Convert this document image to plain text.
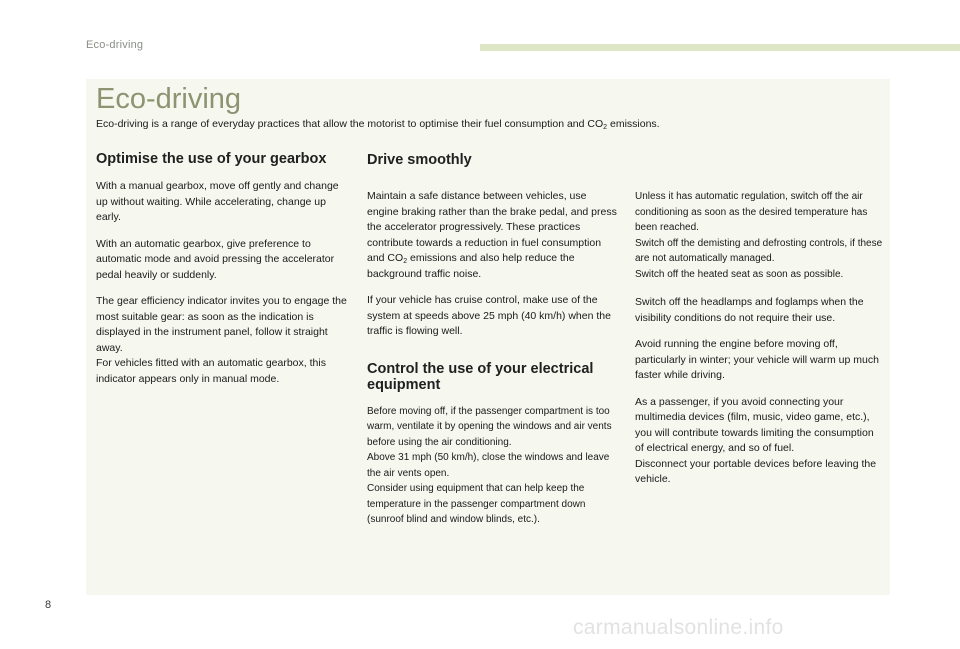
Eco-driving
Eco-driving

Eco-driving is a range of everyday practices that allow the motorist to optimise their fuel consumption and $CO_2$ emissions.

Optimise the use of your gearbox

With a manual gearbox, move off gently and change up without waiting. While accelerating, change up early.

With an automatic gearbox, give preference to automatic mode and avoid pressing the accelerator pedal heavily or suddenly.

The gear efficiency indicator invites you to engage the most suitable gear: as soon as the indication is displayed in the instrument panel, follow it straight away.
For vehicles fitted with an automatic gearbox, this indicator appears only in manual mode.

Drive smoothly

Maintain a safe distance between vehicles, use engine braking rather than the brake pedal, and press the accelerator progressively. These practices contribute towards a reduction in fuel consumption and $CO_2$ emissions and also help reduce the background traffic noise.

If your vehicle has cruise control, make use of the system at speeds above 25 mph (40 km/h) when the traffic is flowing well.

Control the use of your electrical equipment

Before moving off, if the passenger compartment is too warm, ventilate it by opening the windows and air vents before using the air conditioning.
Above 31 mph (50 km/h), close the windows and leave the air vents open.
Consider using equipment that can help keep the temperature in the passenger compartment down (sunroof blind and window blinds, etc.).

Unless it has automatic regulation, switch off the air conditioning as soon as the desired temperature has been reached.
Switch off the demisting and defrosting controls, if these are not automatically managed.
Switch off the heated seat as soon as possible.

Switch off the headlamps and foglamps when the visibility conditions do not require their use.

Avoid running the engine before moving off, particularly in winter; your vehicle will warm up much faster while driving.

As a passenger, if you avoid connecting your multimedia devices (film, music, video game, etc.), you will contribute towards limiting the consumption of electrical energy, and so of fuel.
Disconnect your portable devices before leaving the vehicle.

8
carmanualsonline.info
